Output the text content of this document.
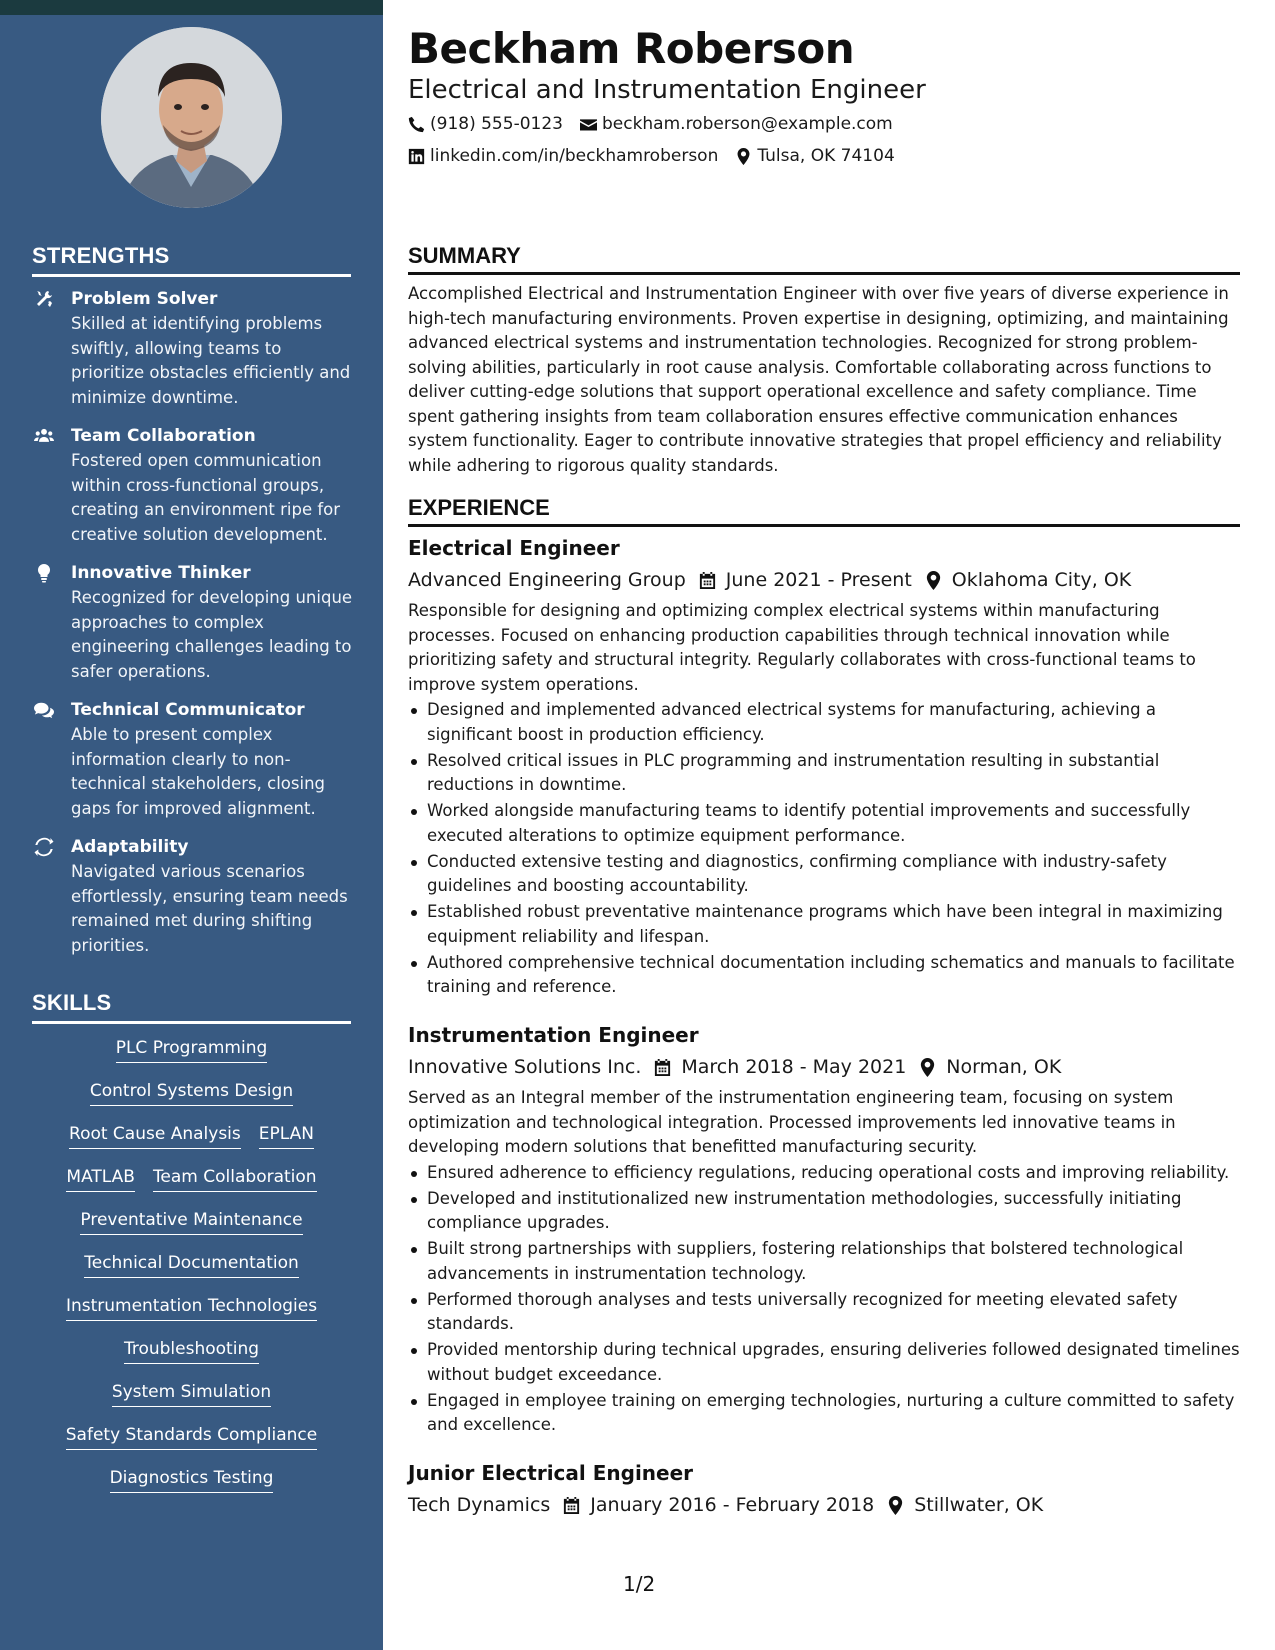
STRENGTHS
Problem Solver
Skilled at identifying problems swiftly, allowing teams to prioritize obstacles efficiently and minimize downtime.
Team Collaboration
Fostered open communication within cross-functional groups, creating an environment ripe for creative solution development.
Innovative Thinker
Recognized for developing unique approaches to complex engineering challenges leading to safer operations.
Technical Communicator
Able to present complex information clearly to non-technical stakeholders, closing gaps for improved alignment.
Adaptability
Navigated various scenarios effortlessly, ensuring team needs remained met during shifting priorities.
SKILLS
PLC Programming
Control Systems Design
Root Cause Analysis EPLAN
MATLAB Team Collaboration
Preventative Maintenance
Technical Documentation
Instrumentation Technologies
Troubleshooting
System Simulation
Safety Standards Compliance
Diagnostics Testing
Beckham Roberson
Electrical and Instrumentation Engineer
(918) 555-0123 beckham.roberson@example.com
linkedin.com/in/beckhamroberson Tulsa, OK 74104
SUMMARY
Accomplished Electrical and Instrumentation Engineer with over five years of diverse experience in high-tech manufacturing environments. Proven expertise in designing, optimizing, and maintaining advanced electrical systems and instrumentation technologies. Recognized for strong problem-solving abilities, particularly in root cause analysis. Comfortable collaborating across functions to deliver cutting-edge solutions that support operational excellence and safety compliance. Time spent gathering insights from team collaboration ensures effective communication enhances system functionality. Eager to contribute innovative strategies that propel efficiency and reliability while adhering to rigorous quality standards.
EXPERIENCE
Electrical Engineer
Advanced Engineering Group June 2021 - Present Oklahoma City, OK
Responsible for designing and optimizing complex electrical systems within manufacturing processes. Focused on enhancing production capabilities through technical innovation while prioritizing safety and structural integrity. Regularly collaborates with cross-functional teams to improve system operations.
Designed and implemented advanced electrical systems for manufacturing, achieving a significant boost in production efficiency.
Resolved critical issues in PLC programming and instrumentation resulting in substantial reductions in downtime.
Worked alongside manufacturing teams to identify potential improvements and successfully executed alterations to optimize equipment performance.
Conducted extensive testing and diagnostics, confirming compliance with industry-safety guidelines and boosting accountability.
Established robust preventative maintenance programs which have been integral in maximizing equipment reliability and lifespan.
Authored comprehensive technical documentation including schematics and manuals to facilitate training and reference.
Instrumentation Engineer
Innovative Solutions Inc. March 2018 - May 2021 Norman, OK
Served as an Integral member of the instrumentation engineering team, focusing on system optimization and technological integration. Processed improvements led innovative teams in developing modern solutions that benefitted manufacturing security.
Ensured adherence to efficiency regulations, reducing operational costs and improving reliability.
Developed and institutionalized new instrumentation methodologies, successfully initiating compliance upgrades.
Built strong partnerships with suppliers, fostering relationships that bolstered technological advancements in instrumentation technology.
Performed thorough analyses and tests universally recognized for meeting elevated safety standards.
Provided mentorship during technical upgrades, ensuring deliveries followed designated timelines without budget exceedance.
Engaged in employee training on emerging technologies, nurturing a culture committed to safety and excellence.
Junior Electrical Engineer
Tech Dynamics January 2016 - February 2018 Stillwater, OK
1/2
